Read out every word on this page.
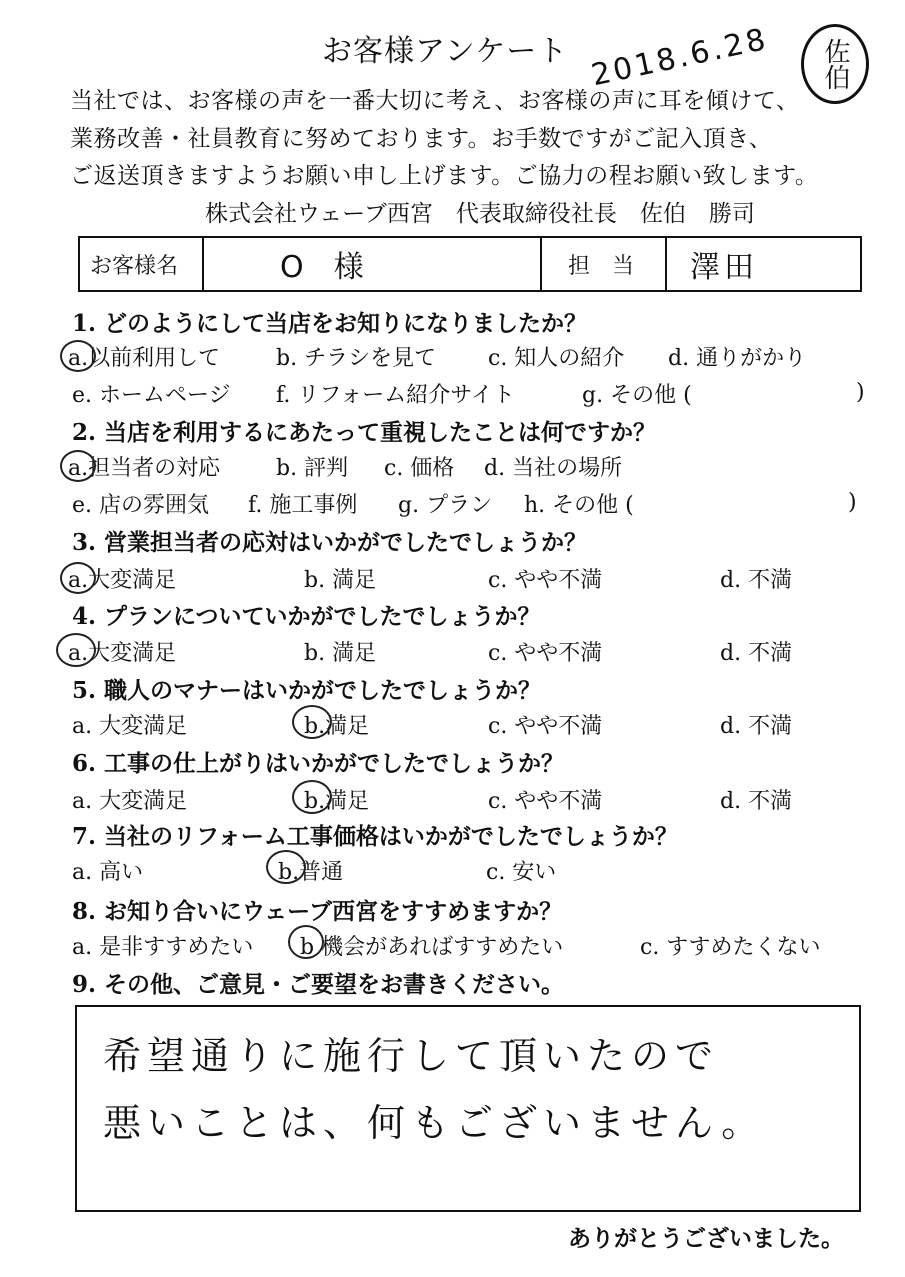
お客様アンケート 2018.6.28 佐伯
当社では、お客様の声を一番大切に考え、お客様の声に耳を傾けて、
業務改善・社員教育に努めております。お手数ですがご記入頂き、
ご返送頂きますようお願い申し上げます。ご協力の程お願い致します。
株式会社ウェーブ西宮　代表取締役社長　佐伯　勝司
お客様名	O　様	担　当 澤田
1. どのようにして当店をお知りになりましたか？
a.以前利用して	b. チラシを見て c. 知人の紹介 d. 通りがかり
e. ホームページ f. リフォーム紹介サイト	g. その他 (	)
2. 当店を利用するにあたって重視したことは何ですか？
a.担当者の対応	b. 評判 c. 価格 d. 当社の場所
e. 店の雰囲気 f. 施工事例 g. プラン h. その他 (	)
3. 営業担当者の応対はいかがでしたでしょうか？
a.大変満足	b. 満足	c. やや不満	d. 不満
4. プランについていかがでしたでしょうか？
a.大変満足	b. 満足	c. やや不満	d. 不満
5. 職人のマナーはいかがでしたでしょうか？
a. 大変満足	b.満足	c. やや不満	d. 不満
6. 工事の仕上がりはいかがでしたでしょうか？
a. 大変満足	b.満足	c. やや不満	d. 不満
7. 当社のリフォーム工事価格はいかがでしたでしょうか？
a. 高い	b.普通	c. 安い
8. お知り合いにウェーブ西宮をすすめますか？
a. 是非すすめたい b 機会があればすすめたい	c. すすめたくない
9. その他、ご意見・ご要望をお書きください。
希望通りに施行して頂いたので
悪いことは、何もございません。
ありがとうございました。
